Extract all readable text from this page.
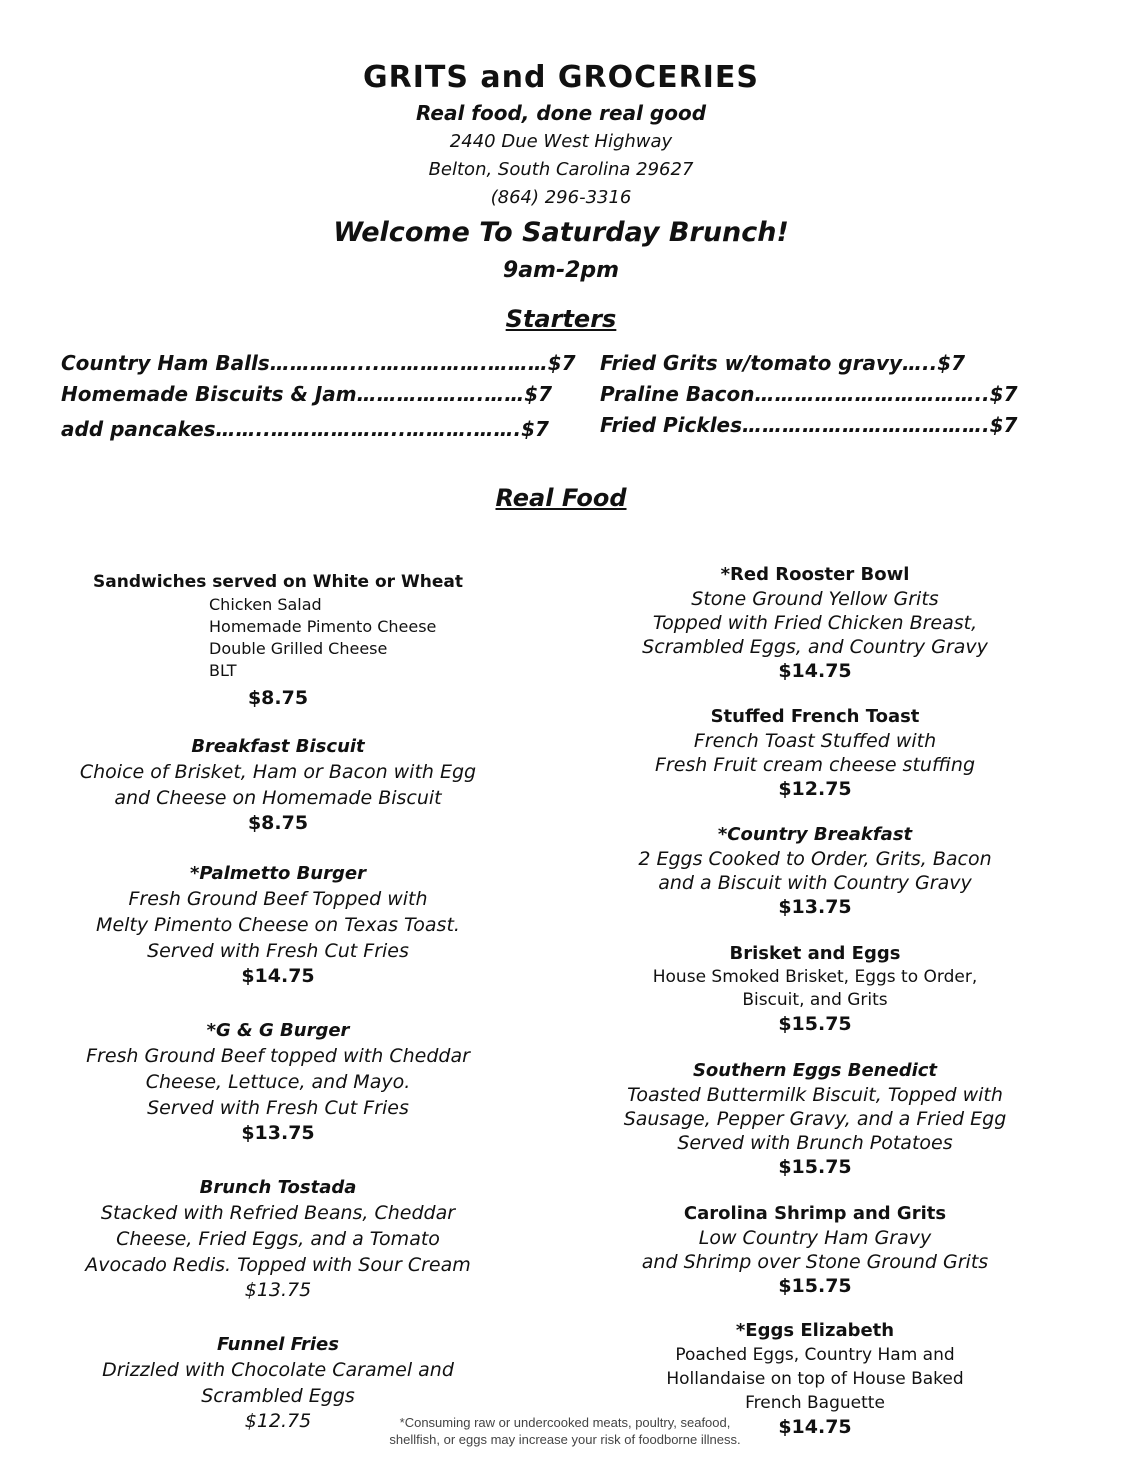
GRITS and GROCERIES
Real food, done real good
2440 Due West Highway
Belton, South Carolina 29627
(864) 296-3316
Welcome To Saturday Brunch!
9am-2pm
Starters
Country Ham Balls…………....…………….………$7
Homemade Biscuits & Jam……………….……$7
add pancakes……..………………..……….…….$7
Fried Grits w/tomato gravy…..$7
Praline Bacon……………………………..$7
Fried Pickles……………………………….$7
Real Food
Sandwiches served on White or Wheat
Chicken Salad
Homemade Pimento Cheese
Double Grilled Cheese
BLT
$8.75
Breakfast Biscuit
Choice of Brisket, Ham or Bacon with Egg
and Cheese on Homemade Biscuit
$8.75
*Palmetto Burger
Fresh Ground Beef Topped with
Melty Pimento Cheese on Texas Toast.
Served with Fresh Cut Fries
$14.75
*G & G Burger
Fresh Ground Beef topped with Cheddar
Cheese, Lettuce, and Mayo.
Served with Fresh Cut Fries
$13.75
Brunch Tostada
Stacked with Refried Beans, Cheddar
Cheese, Fried Eggs, and a Tomato
Avocado Redis. Topped with Sour Cream
$13.75
Funnel Fries
Drizzled with Chocolate Caramel and
Scrambled Eggs
$12.75
*Red Rooster Bowl
Stone Ground Yellow Grits
Topped with Fried Chicken Breast,
Scrambled Eggs, and Country Gravy
$14.75
Stuffed French Toast
French Toast Stuffed with
Fresh Fruit cream cheese stuffing
$12.75
*Country Breakfast
2 Eggs Cooked to Order, Grits, Bacon
and a Biscuit with Country Gravy
$13.75
Brisket and Eggs
House Smoked Brisket, Eggs to Order,
Biscuit, and Grits
$15.75
Southern Eggs Benedict
Toasted Buttermilk Biscuit, Topped with
Sausage, Pepper Gravy, and a Fried Egg
Served with Brunch Potatoes
$15.75
Carolina Shrimp and Grits
Low Country Ham Gravy
and Shrimp over Stone Ground Grits
$15.75
*Eggs Elizabeth
Poached Eggs, Country Ham and
Hollandaise on top of House Baked
French Baguette
$14.75
*Consuming raw or undercooked meats, poultry, seafood,
shellfish, or eggs may increase your risk of foodborne illness.
